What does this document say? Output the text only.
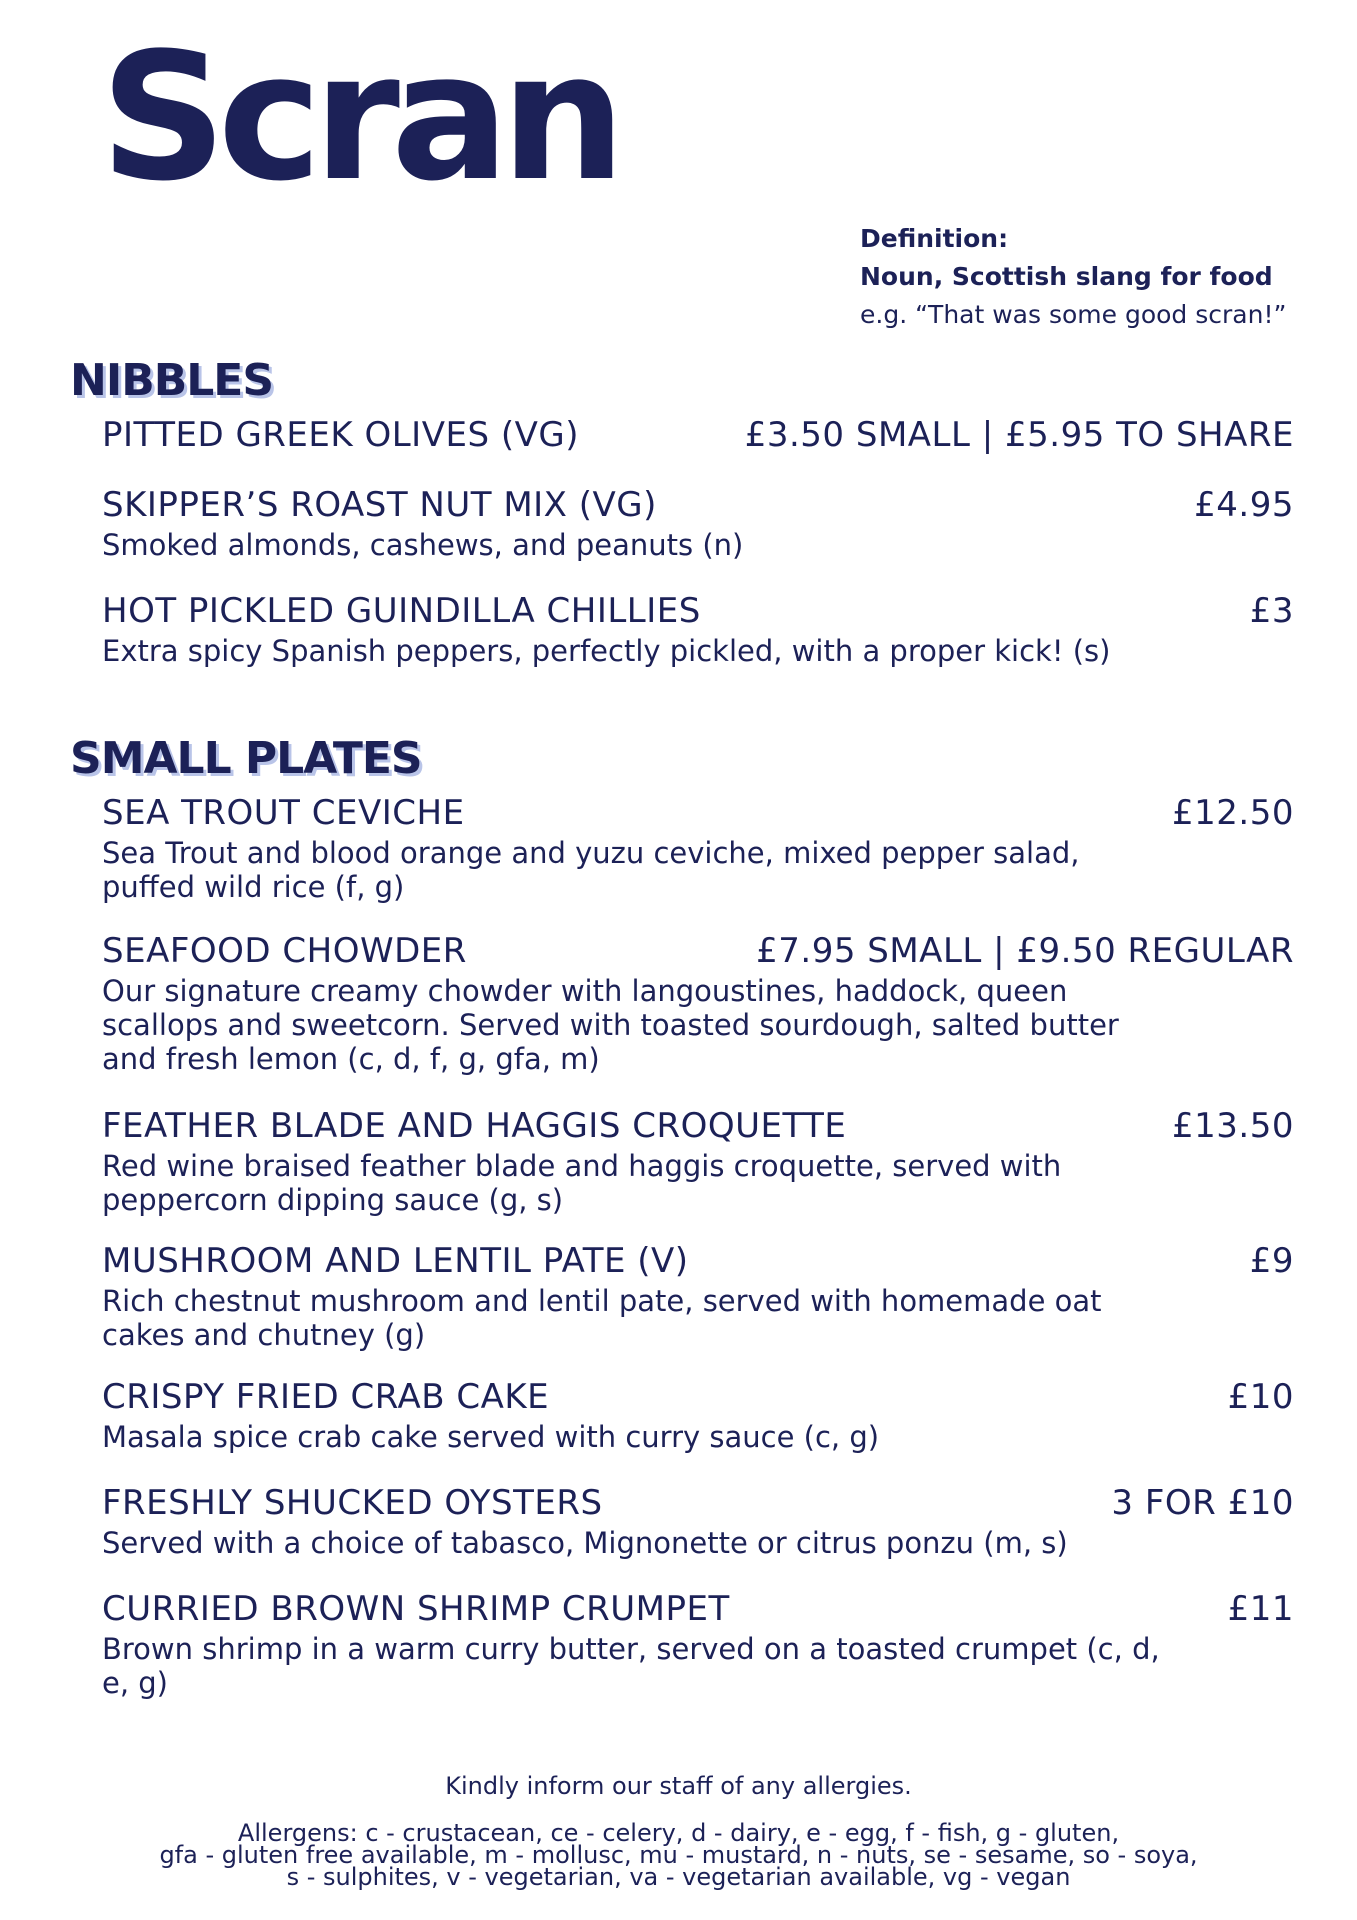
Scran
Definition:
Noun, Scottish slang for food
e.g. “That was some good scran!”
NIBBLES
PITTED GREEK OLIVES (VG)	£3.50 SMALL | £5.95 TO SHARE
SKIPPER’S ROAST NUT MIX (VG)	£4.95
Smoked almonds, cashews, and peanuts (n)
HOT PICKLED GUINDILLA CHILLIES	£3
Extra spicy Spanish peppers, perfectly pickled, with a proper kick! (s)
SMALL PLATES
SEA TROUT CEVICHE	£12.50
Sea Trout and blood orange and yuzu ceviche, mixed pepper salad, puffed wild rice (f, g)
SEAFOOD CHOWDER	£7.95 SMALL | £9.50 REGULAR
Our signature creamy chowder with langoustines, haddock, queen scallops and sweetcorn. Served with toasted sourdough, salted butter and fresh lemon (c, d, f, g, gfa, m)
FEATHER BLADE AND HAGGIS CROQUETTE	£13.50
Red wine braised feather blade and haggis croquette, served with peppercorn dipping sauce (g, s)
MUSHROOM AND LENTIL PATE (V)	£9
Rich chestnut mushroom and lentil pate, served with homemade oat cakes and chutney (g)
CRISPY FRIED CRAB CAKE	£10
Masala spice crab cake served with curry sauce (c, g)
FRESHLY SHUCKED OYSTERS	3 FOR £10
Served with a choice of tabasco, Mignonette or citrus ponzu (m, s)
CURRIED BROWN SHRIMP CRUMPET	£11
Brown shrimp in a warm curry butter, served on a toasted crumpet (c, d, e, g)
Kindly inform our staff of any allergies.
Allergens: c - crustacean, ce - celery, d - dairy, e - egg, f - fish, g - gluten,
gfa - gluten free available, m - mollusc, mu - mustard, n - nuts, se - sesame, so - soya,
s - sulphites, v - vegetarian, va - vegetarian available, vg - vegan
